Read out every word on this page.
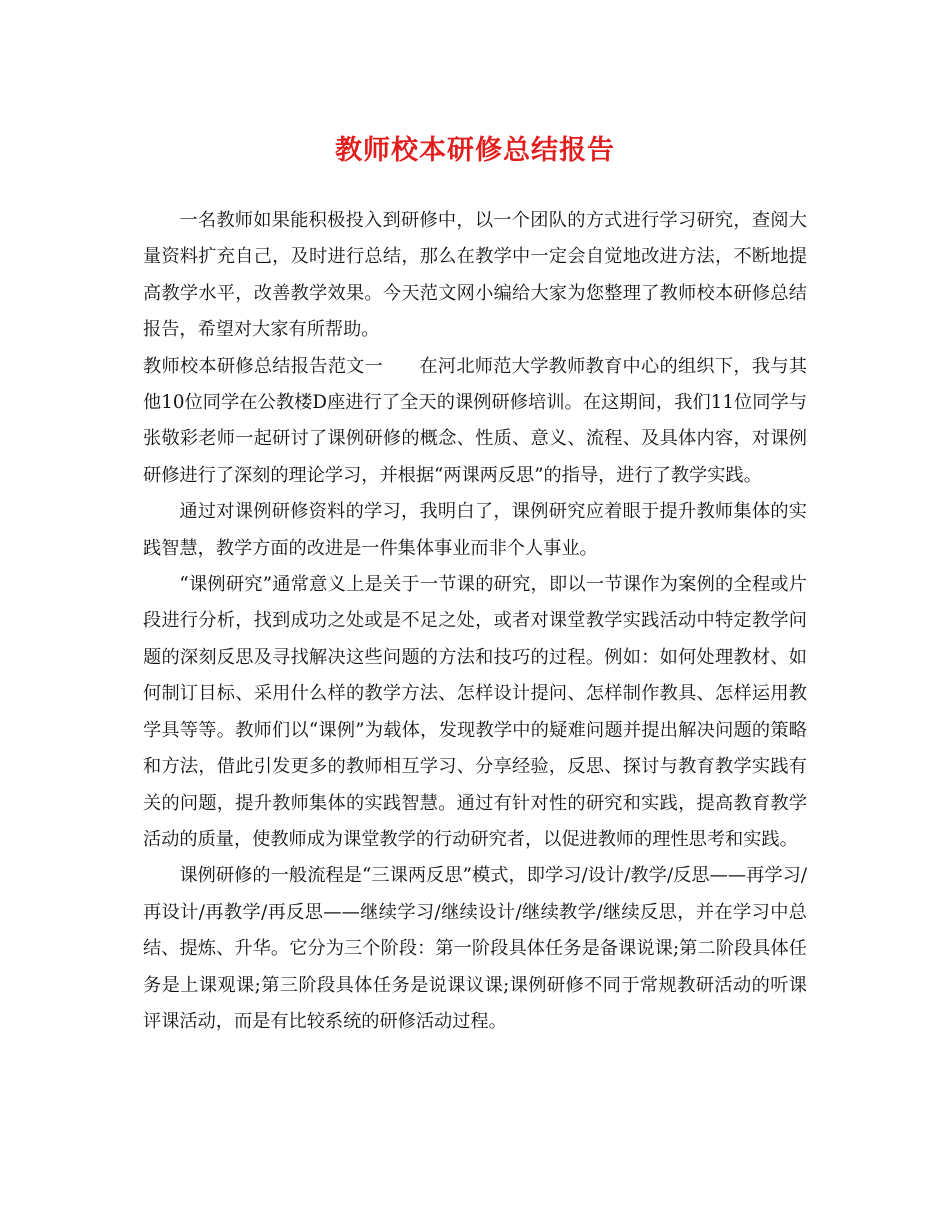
教师校本研修总结报告

一名教师如果能积极投入到研修中，以一个团队的方式进行学习研究，查阅大量资料扩充自己，及时进行总结，那么在教学中一定会自觉地改进方法，不断地提高教学水平，改善教学效果。今天范文网小编给大家为您整理了教师校本研修总结报告，希望对大家有所帮助。

教师校本研修总结报告范文一 在河北师范大学教师教育中心的组织下，我与其他10位同学在公教楼D座进行了全天的课例研修培训。在这期间，我们11位同学与张敬彩老师一起研讨了课例研修的概念、性质、意义、流程、及具体内容，对课例研修进行了深刻的理论学习，并根据“两课两反思”的指导，进行了教学实践。

通过对课例研修资料的学习，我明白了，课例研究应着眼于提升教师集体的实践智慧，教学方面的改进是一件集体事业而非个人事业。

“课例研究”通常意义上是关于一节课的研究，即以一节课作为案例的全程或片段进行分析，找到成功之处或是不足之处，或者对课堂教学实践活动中特定教学问题的深刻反思及寻找解决这些问题的方法和技巧的过程。例如：如何处理教材、如何制订目标、采用什么样的教学方法、怎样设计提问、怎样制作教具、怎样运用教学具等等。教师们以“课例”为载体，发现教学中的疑难问题并提出解决问题的策略和方法，借此引发更多的教师相互学习、分享经验，反思、探讨与教育教学实践有关的问题，提升教师集体的实践智慧。通过有针对性的研究和实践，提高教育教学活动的质量，使教师成为课堂教学的行动研究者，以促进教师的理性思考和实践。

课例研修的一般流程是“三课两反思”模式，即学习/设计/教学/反思——再学习/再设计/再教学/再反思——继续学习/继续设计/继续教学/继续反思，并在学习中总结、提炼、升华。它分为三个阶段：第一阶段具体任务是备课说课;第二阶段具体任务是上课观课;第三阶段具体任务是说课议课;课例研修不同于常规教研活动的听课评课活动，而是有比较系统的研修活动过程。
